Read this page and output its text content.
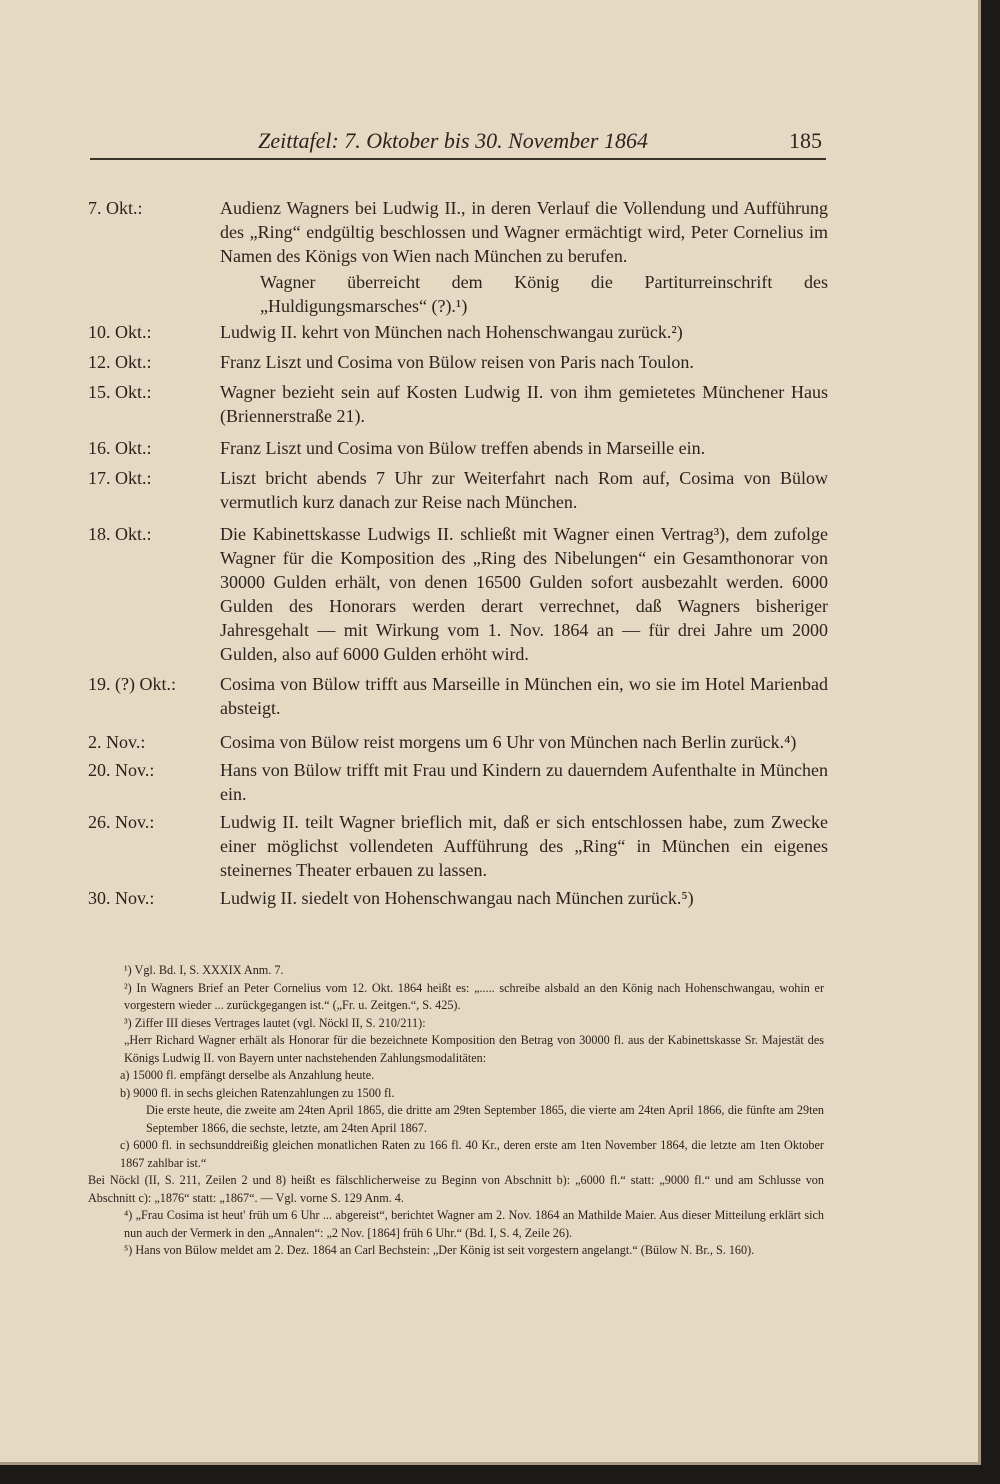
Zeittafel: 7. Oktober bis 30. November 1864	185
7. Okt.:	Audienz Wagners bei Ludwig II., in deren Verlauf die Vollendung und Aufführung des „Ring“ endgültig beschlossen und Wagner ermächtigt wird, Peter Cornelius im Namen des Königs von Wien nach München zu berufen.

Wagner überreicht dem König die Partiturreinschrift des „Huldigungsmarsches“ (?).¹)

10. Okt.:	Ludwig II. kehrt von München nach Hohenschwangau zurück.²)

12. Okt.:	Franz Liszt und Cosima von Bülow reisen von Paris nach Toulon.

15. Okt.:	Wagner bezieht sein auf Kosten Ludwig II. von ihm gemietetes Münchener Haus (Briennerstraße 21).

16. Okt.:	Franz Liszt und Cosima von Bülow treffen abends in Marseille ein.

17. Okt.:	Liszt bricht abends 7 Uhr zur Weiterfahrt nach Rom auf, Cosima von Bülow vermutlich kurz danach zur Reise nach München.

18. Okt.:	Die Kabinettskasse Ludwigs II. schließt mit Wagner einen Vertrag³), dem zufolge Wagner für die Komposition des „Ring des Nibelungen“ ein Gesamthonorar von 30000 Gulden erhält, von denen 16500 Gulden sofort ausbezahlt werden. 6000 Gulden des Honorars werden derart verrechnet, daß Wagners bisheriger Jahresgehalt — mit Wirkung vom 1. Nov. 1864 an — für drei Jahre um 2000 Gulden, also auf 6000 Gulden erhöht wird.

19. (?) Okt.:	Cosima von Bülow trifft aus Marseille in München ein, wo sie im Hotel Marienbad absteigt.

2. Nov.:	Cosima von Bülow reist morgens um 6 Uhr von München nach Berlin zurück.⁴)

20. Nov.:	Hans von Bülow trifft mit Frau und Kindern zu dauerndem Aufenthalte in München ein.

26. Nov.:	Ludwig II. teilt Wagner brieflich mit, daß er sich entschlossen habe, zum Zwecke einer möglichst vollendeten Aufführung des „Ring“ in München ein eigenes steinernes Theater erbauen zu lassen.

30. Nov.:	Ludwig II. siedelt von Hohenschwangau nach München zurück.⁵)

¹) Vgl. Bd. I, S. XXXIX Anm. 7.

²) In Wagners Brief an Peter Cornelius vom 12. Okt. 1864 heißt es: „..... schreibe alsbald an den König nach Hohenschwangau, wohin er vorgestern wieder ... zurückgegangen ist.“ („Fr. u. Zeitgen.“, S. 425).

³) Ziffer III dieses Vertrages lautet (vgl. Nöckl II, S. 210/211):

„Herr Richard Wagner erhält als Honorar für die bezeichnete Komposition den Betrag von 30000 fl. aus der Kabinettskasse Sr. Majestät des Königs Ludwig II. von Bayern unter nachstehenden Zahlungsmodalitäten:

a) 15000 fl. empfängt derselbe als Anzahlung heute.

b) 9000 fl. in sechs gleichen Ratenzahlungen zu 1500 fl.

Die erste heute, die zweite am 24ten April 1865, die dritte am 29ten September 1865, die vierte am 24ten April 1866, die fünfte am 29ten September 1866, die sechste, letzte, am 24ten April 1867.

c) 6000 fl. in sechsunddreißig gleichen monatlichen Raten zu 166 fl. 40 Kr., deren erste am 1ten November 1864, die letzte am 1ten Oktober 1867 zahlbar ist.“

Bei Nöckl (II, S. 211, Zeilen 2 und 8) heißt es fälschlicherweise zu Beginn von Abschnitt b): „6000 fl.“ statt: „9000 fl.“ und am Schlusse von Abschnitt c): „1876“ statt: „1867“. — Vgl. vorne S. 129 Anm. 4.

⁴) „Frau Cosima ist heut' früh um 6 Uhr ... abgereist“, berichtet Wagner am 2. Nov. 1864 an Mathilde Maier. Aus dieser Mitteilung erklärt sich nun auch der Vermerk in den „Annalen“: „2 Nov. [1864] früh 6 Uhr.“ (Bd. I, S. 4, Zeile 26).

⁵) Hans von Bülow meldet am 2. Dez. 1864 an Carl Bechstein: „Der König ist seit vorgestern angelangt.“ (Bülow N. Br., S. 160).
